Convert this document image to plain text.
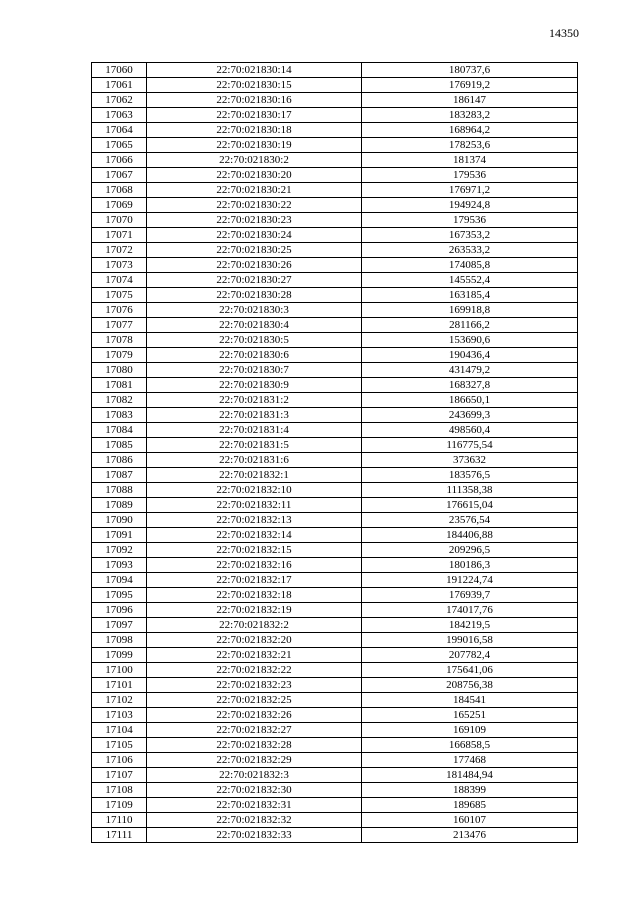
14350
17060	22:70:021830:14	180737,6
17061	22:70:021830:15	176919,2
17062	22:70:021830:16	186147
17063	22:70:021830:17	183283,2
17064	22:70:021830:18	168964,2
17065	22:70:021830:19	178253,6
17066	22:70:021830:2	181374
17067	22:70:021830:20	179536
17068	22:70:021830:21	176971,2
17069	22:70:021830:22	194924,8
17070	22:70:021830:23	179536
17071	22:70:021830:24	167353,2
17072	22:70:021830:25	263533,2
17073	22:70:021830:26	174085,8
17074	22:70:021830:27	145552,4
17075	22:70:021830:28	163185,4
17076	22:70:021830:3	169918,8
17077	22:70:021830:4	281166,2
17078	22:70:021830:5	153690,6
17079	22:70:021830:6	190436,4
17080	22:70:021830:7	431479,2
17081	22:70:021830:9	168327,8
17082	22:70:021831:2	186650,1
17083	22:70:021831:3	243699,3
17084	22:70:021831:4	498560,4
17085	22:70:021831:5	116775,54
17086	22:70:021831:6	373632
17087	22:70:021832:1	183576,5
17088	22:70:021832:10	111358,38
17089	22:70:021832:11	176615,04
17090	22:70:021832:13	23576,54
17091	22:70:021832:14	184406,88
17092	22:70:021832:15	209296,5
17093	22:70:021832:16	180186,3
17094	22:70:021832:17	191224,74
17095	22:70:021832:18	176939,7
17096	22:70:021832:19	174017,76
17097	22:70:021832:2	184219,5
17098	22:70:021832:20	199016,58
17099	22:70:021832:21	207782,4
17100	22:70:021832:22	175641,06
17101	22:70:021832:23	208756,38
17102	22:70:021832:25	184541
17103	22:70:021832:26	165251
17104	22:70:021832:27	169109
17105	22:70:021832:28	166858,5
17106	22:70:021832:29	177468
17107	22:70:021832:3	181484,94
17108	22:70:021832:30	188399
17109	22:70:021832:31	189685
17110	22:70:021832:32	160107
17111	22:70:021832:33	213476
